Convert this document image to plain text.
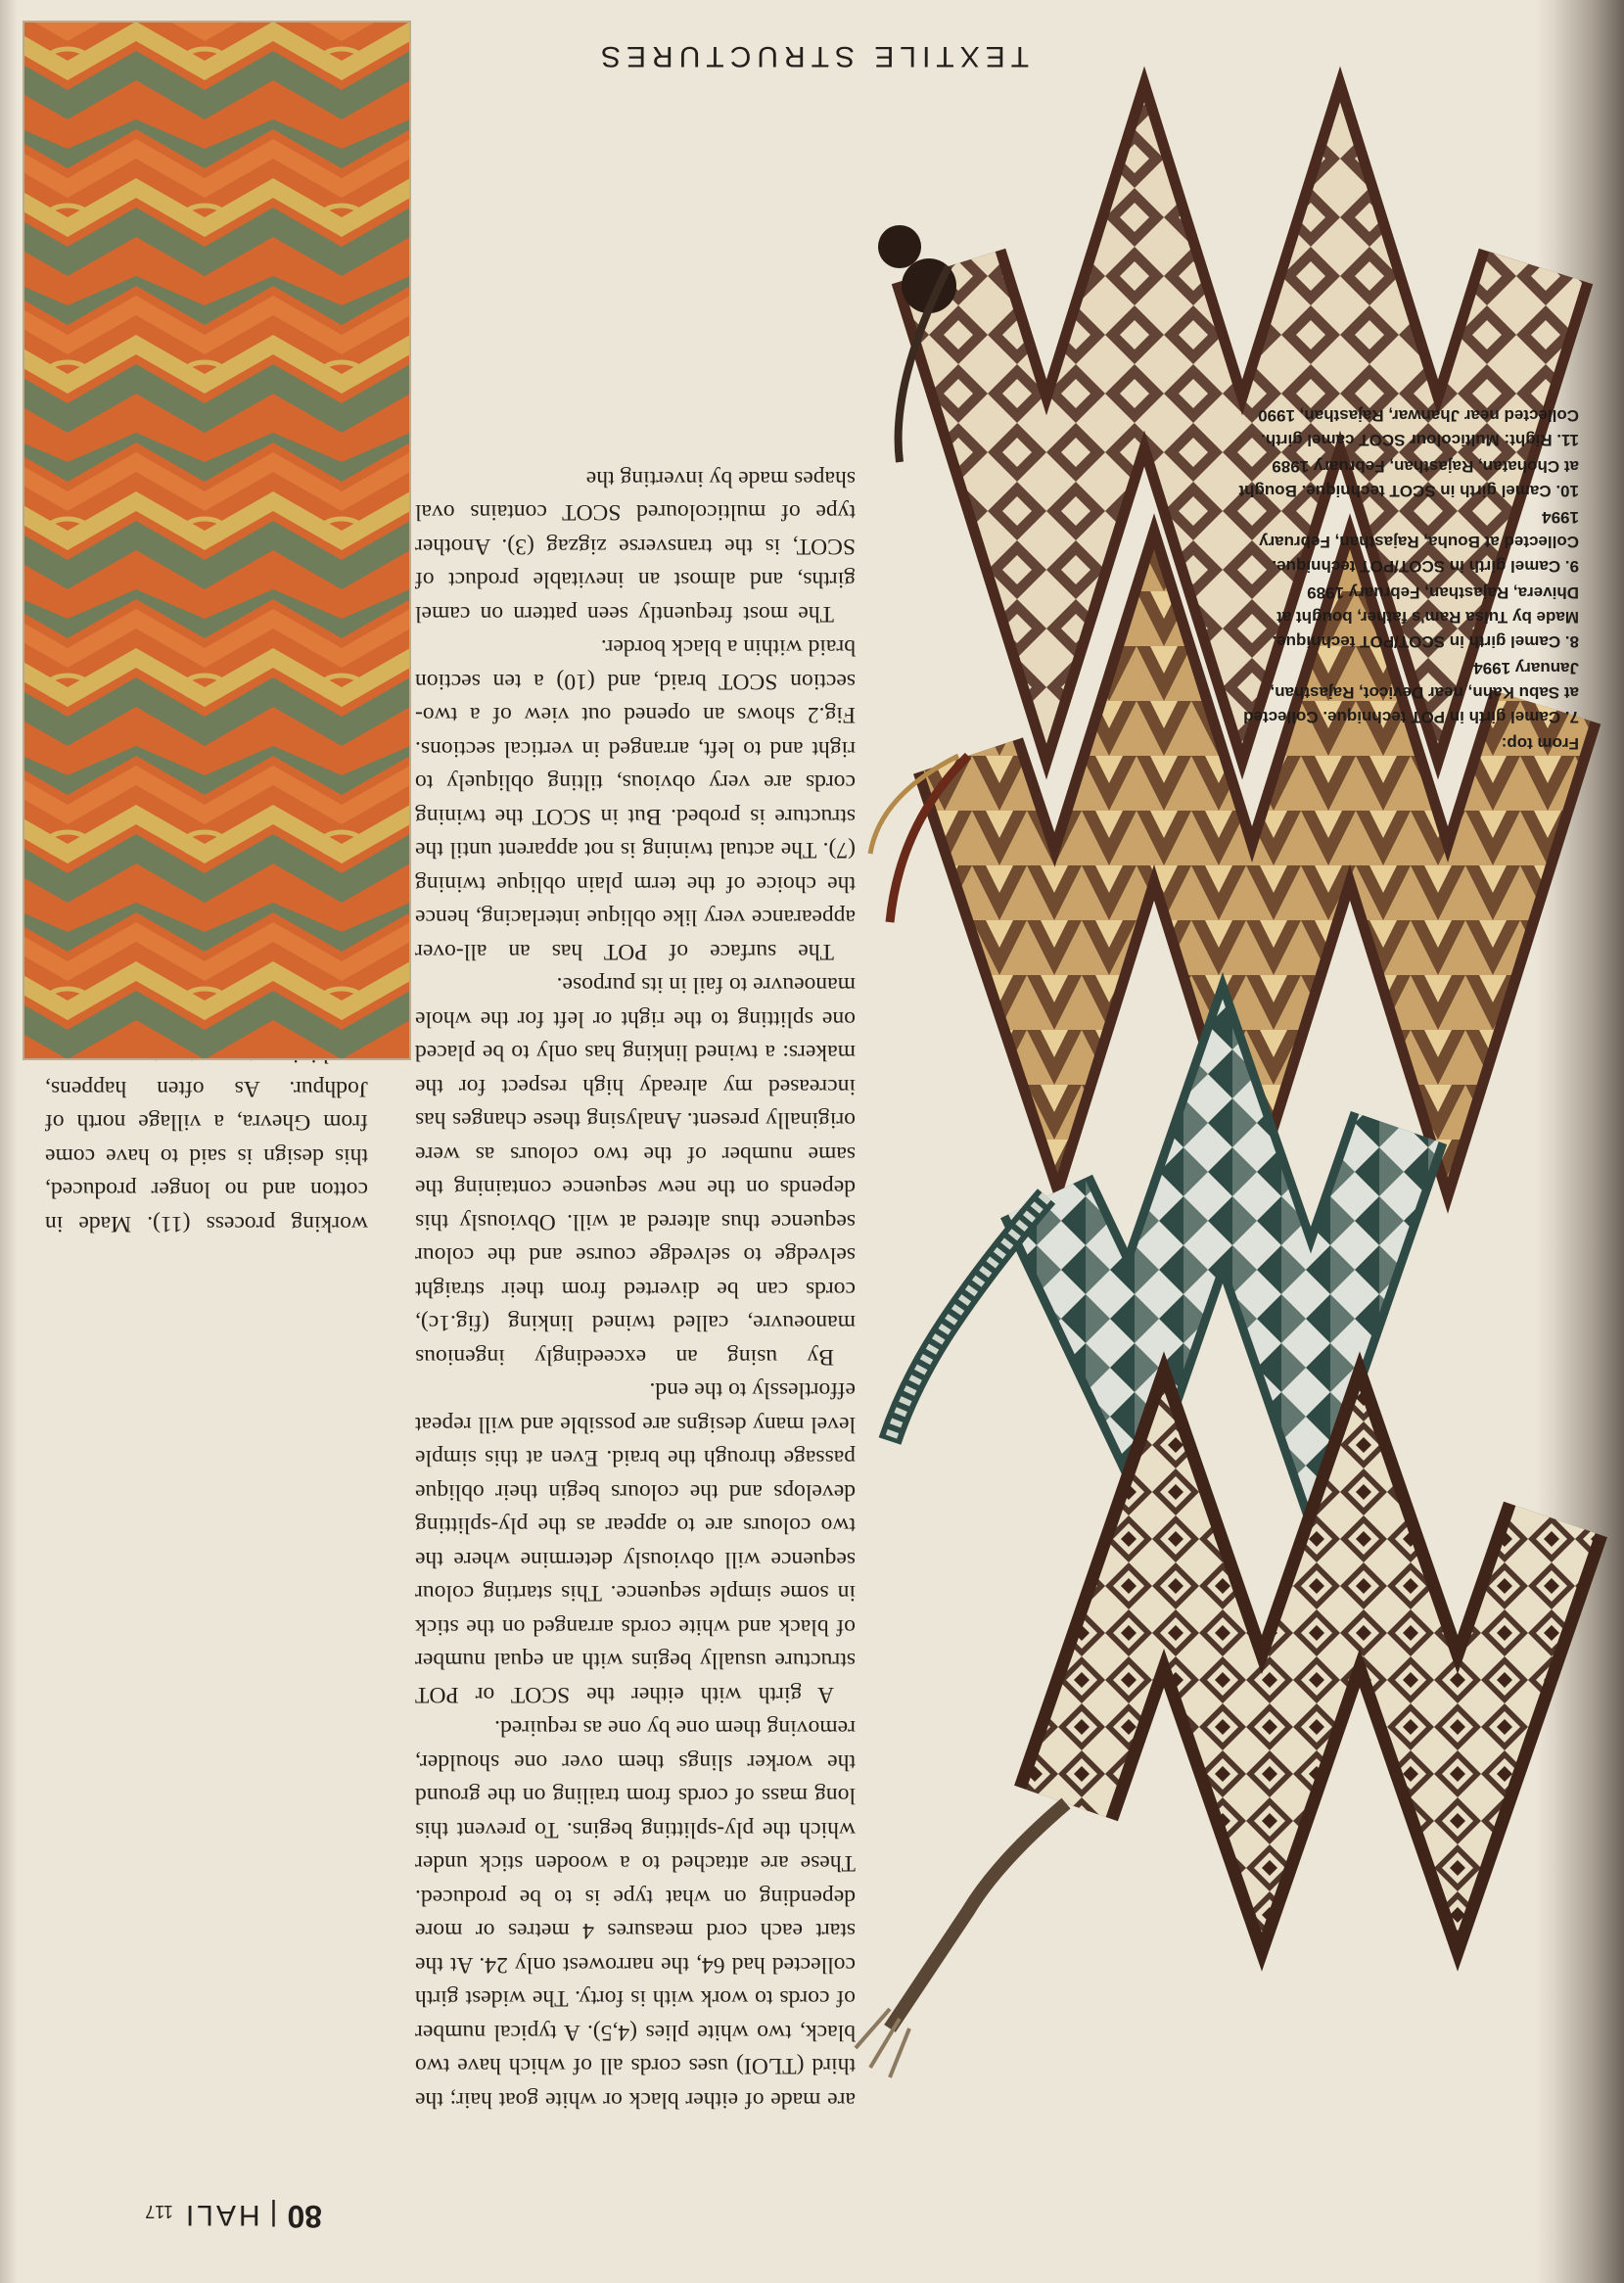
TEXTILE STRUCTURES
80
|
HALI
117

are made of either black or white goat hair; the third (TLOI) uses cords all of which have two black, two white plies (4,5). A typical number of cords to work with is forty. The widest girth collected had 64, the narrowest only 24. At the start each cord measures 4 metres or more depending on what type is to be produced. These are attached to a wooden stick under which the ply-splitting begins. To prevent this long mass of cords from trailing on the ground the worker slings them over one shoulder, removing them one by one as required.

A girth with either the SCOT or POT structure usually begins with an equal number of black and white cords arranged on the stick in some simple sequence. This starting colour sequence will obviously determine where the two colours are to appear as the ply-splitting develops and the colours begin their oblique passage through the braid. Even at this simple level many designs are possible and will repeat effortlessly to the end.

By using an exceedingly ingenious manoeuvre, called twined linking (fig.1c), cords can be diverted from their straight selvedge to selvedge course and the colour sequence thus altered at will. Obviously this depends on the new sequence containing the same number of the two colours as were originally present. Analysing these changes has increased my already high respect for the makers: a twined linking has only to be placed one splitting to the right or left for the whole manoeuvre to fail in its purpose.

The surface of POT has an all-over appearance very like oblique interlacing, hence the choice of the term plain oblique twining (7). The actual twining is not apparent until the structure is probed. But in SCOT the twining cords are very obvious, tilting obliquely to right and to left, arranged in vertical sections. Fig.2 shows an opened out view of a two-section SCOT braid, and (10) a ten section braid within a black border.

The most frequently seen pattern on camel girths, and almost an inevitable product of SCOT, is the transverse zigzag (3). Another type of multicoloured SCOT contains oval shapes made by inverting the

working process (11). Made in cotton and no longer produced, this design is said to have come from Ghevra, a village north of Jodhpur. As often happens,

From top:
7. Camel girth in POT technique. Collected at Sabu Kahn, near Devicot, Rajasthan, January 1994
8. Camel girth in SCOT/POT technique. Made by Tulsa Ram's father, bought at Dhivera, Rajasthan, February 1989
9. Camel girth in SCOT/POT technique. Collected at Bouha, Rajasthan, February 1994
10. Camel girth in SCOT technique. Bought at Chohatan, Rajasthan, February 1989
11. Right: Multicolour SCOT camel girth. Collected near Jhanwar, Rajasthan, 1990
